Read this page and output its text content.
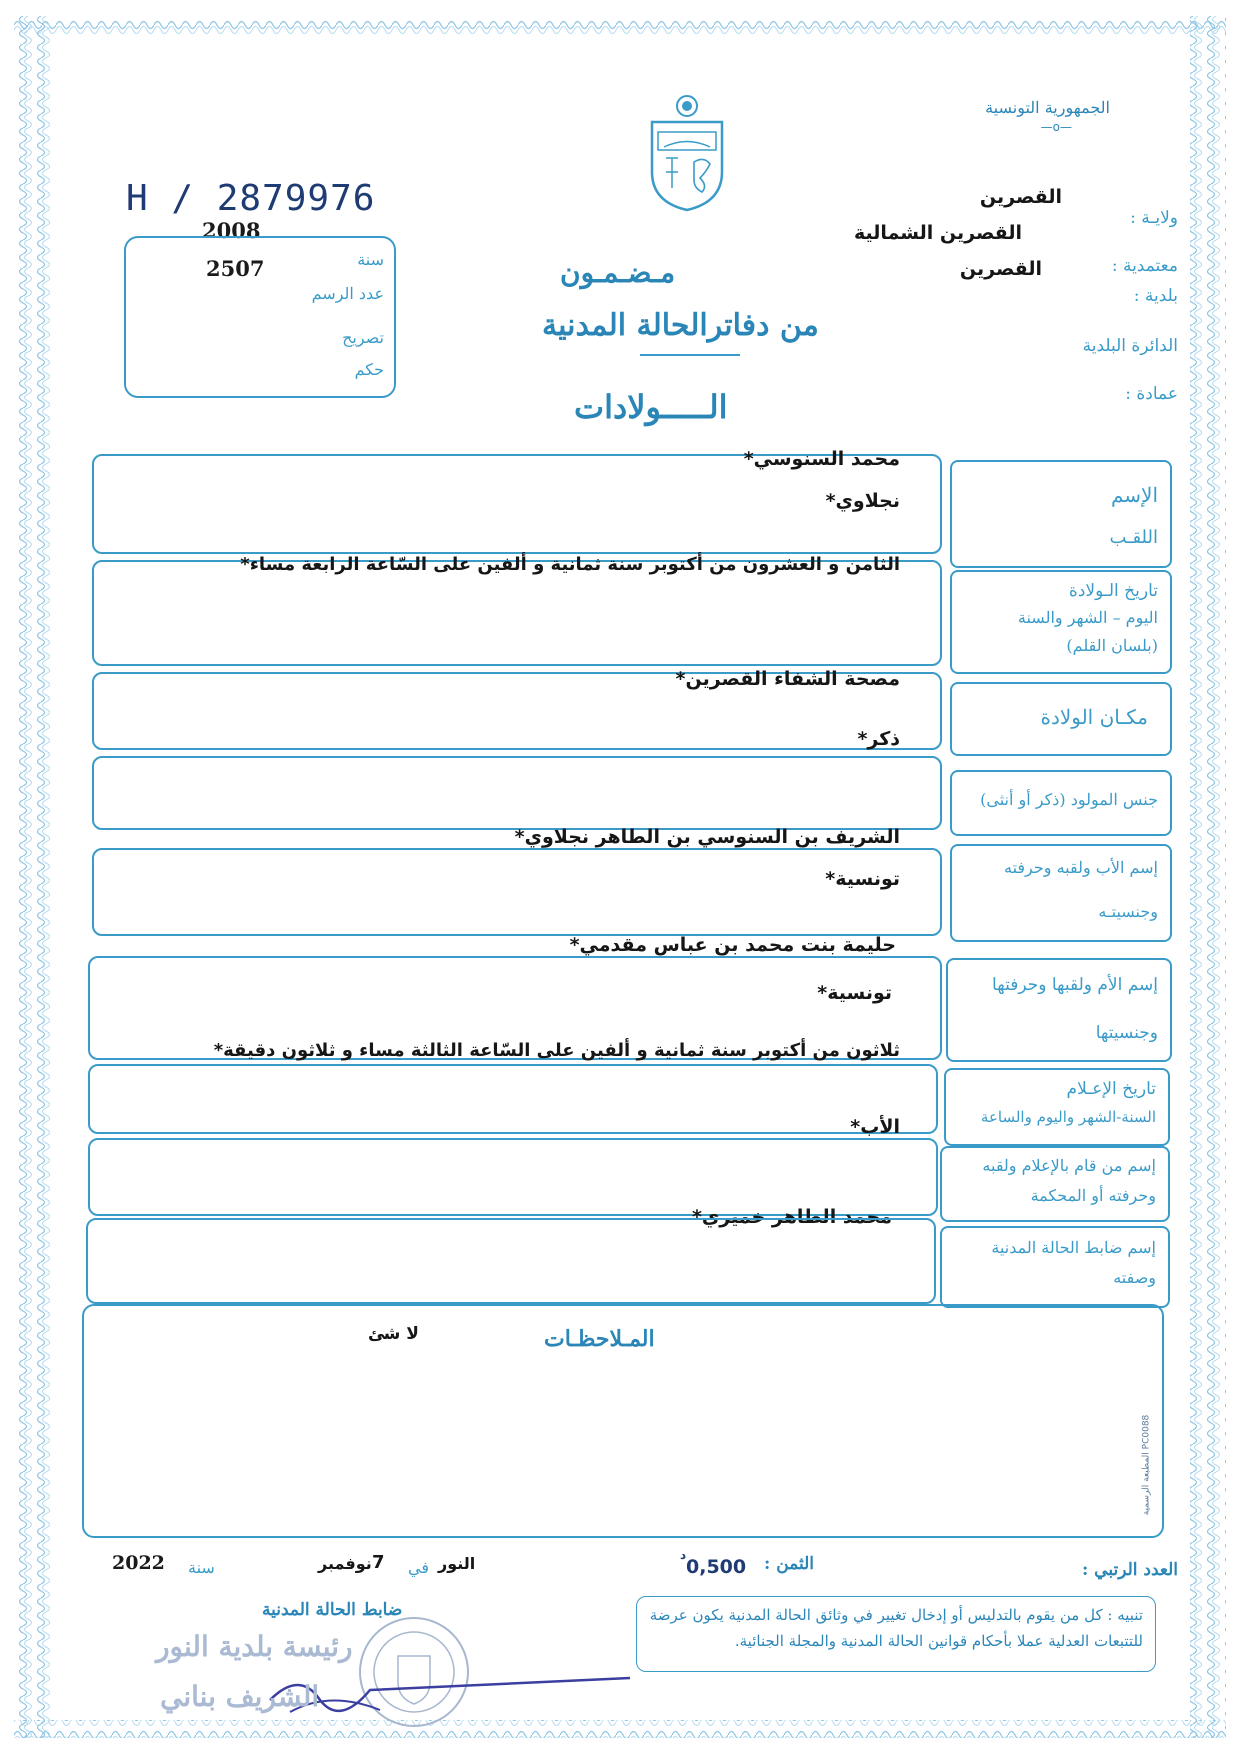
الجمهورية التونسية
—o—
ولايـة :
القصرين
القصرين الشمالية
معتمدية :
القصرين
بلدية :
الدائرة البلدية
عمادة :
H / 2879976
2008
سنة
2507
عدد الرسم
تصريح
حكم
مـضـمـون
من دفاترالحالة المدنية
الـــــولادات
الإسم
اللقـب
محمد السنوسي*
نجلاوي*
تاريخ الـولادة
اليوم – الشهر والسنة
(بلسان القلم)
الثامن و العشرون من أكتوبر سنة ثمانية و ألفين على السّاعة الرابعة مساء*
مكـان الولادة
مصحة الشفاء القصرين*
ذكر*
جنس المولود (ذكر أو أنثى)
الشريف بن السنوسي بن الطاهر نجلاوي*
إسم الأب ولقبه وحرفته
وجنسيتـه
تونسية*
حليمة بنت محمد بن عباس مقدمي*
إسم الأم ولقبها وحرفتها
وجنسيتها
تونسية*
ثلاثون من أكتوبر سنة ثمانية و ألفين على السّاعة الثالثة مساء و ثلاثون دقيقة*
تاريخ الإعـلام
السنة-الشهر واليوم والساعة
الأب*
إسم من قام بالإعلام ولقبه
وحرفته أو المحكمة
محمد الطاهر خميري*
إسم ضابط الحالة المدنية
وصفته
المـلاحظـات
لا شئ
المطبعة الرسمية PC0088
العدد الرتبي :
الثمن :
0,500
د
النور
في
7
نوفمبر
سنة
2022
ضابط الحالة المدنية
رئيسة بلدية النور
الشريف بناني
تنبيه : كل من يقوم بالتدليس أو إدخال تغيير في وثائق الحالة المدنية يكون عرضة للتتبعات العدلية عملا بأحكام قوانين الحالة المدنية والمجلة الجنائية.
